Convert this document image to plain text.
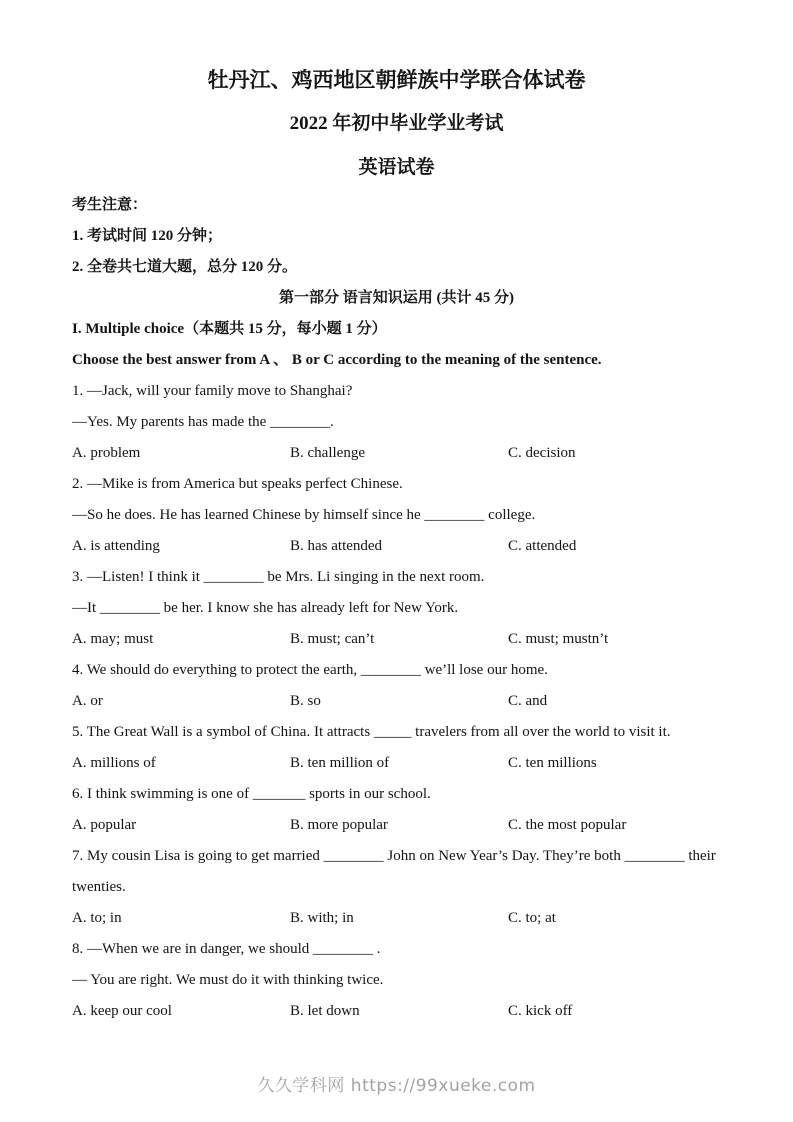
牡丹江、鸡西地区朝鲜族中学联合体试卷
2022 年初中毕业学业考试
英语试卷
考生注意：
1. 考试时间 120 分钟；
2. 全卷共七道大题，总分 120 分。
第一部分 语言知识运用 (共计 45 分)
I. Multiple choice（本题共 15 分，每小题 1 分）
Choose the best answer from A 、 B or C according to the meaning of the sentence.
1. —Jack, will your family move to Shanghai?
—Yes. My parents has made the ________.
A. problem	B. challenge	C. decision
2. —Mike is from America but speaks perfect Chinese.
—So he does. He has learned Chinese by himself since he ________ college.
A. is attending	B. has attended	C. attended
3. —Listen! I think it ________ be Mrs. Li singing in the next room.
—It ________ be her. I know she has already left for New York.
A. may; must	B. must; can’t	C. must; mustn’t
4. We should do everything to protect the earth, ________ we’ll lose our home.
A. or	B. so	C. and
5. The Great Wall is a symbol of China. It attracts _____ travelers from all over the world to visit it.
A. millions of	B. ten million of	C. ten millions
6. I think swimming is one of _______ sports in our school.
A. popular	B. more popular	C. the most popular
7. My cousin Lisa is going to get married ________ John on New Year’s Day. They’re both ________ their
twenties.
A. to; in	B. with; in	C. to; at
8. —When we are in danger, we should ________ .
— You are right. We must do it with thinking twice.
A. keep our cool	B. let down	C. kick off
久久学科网 https://99xueke.com
